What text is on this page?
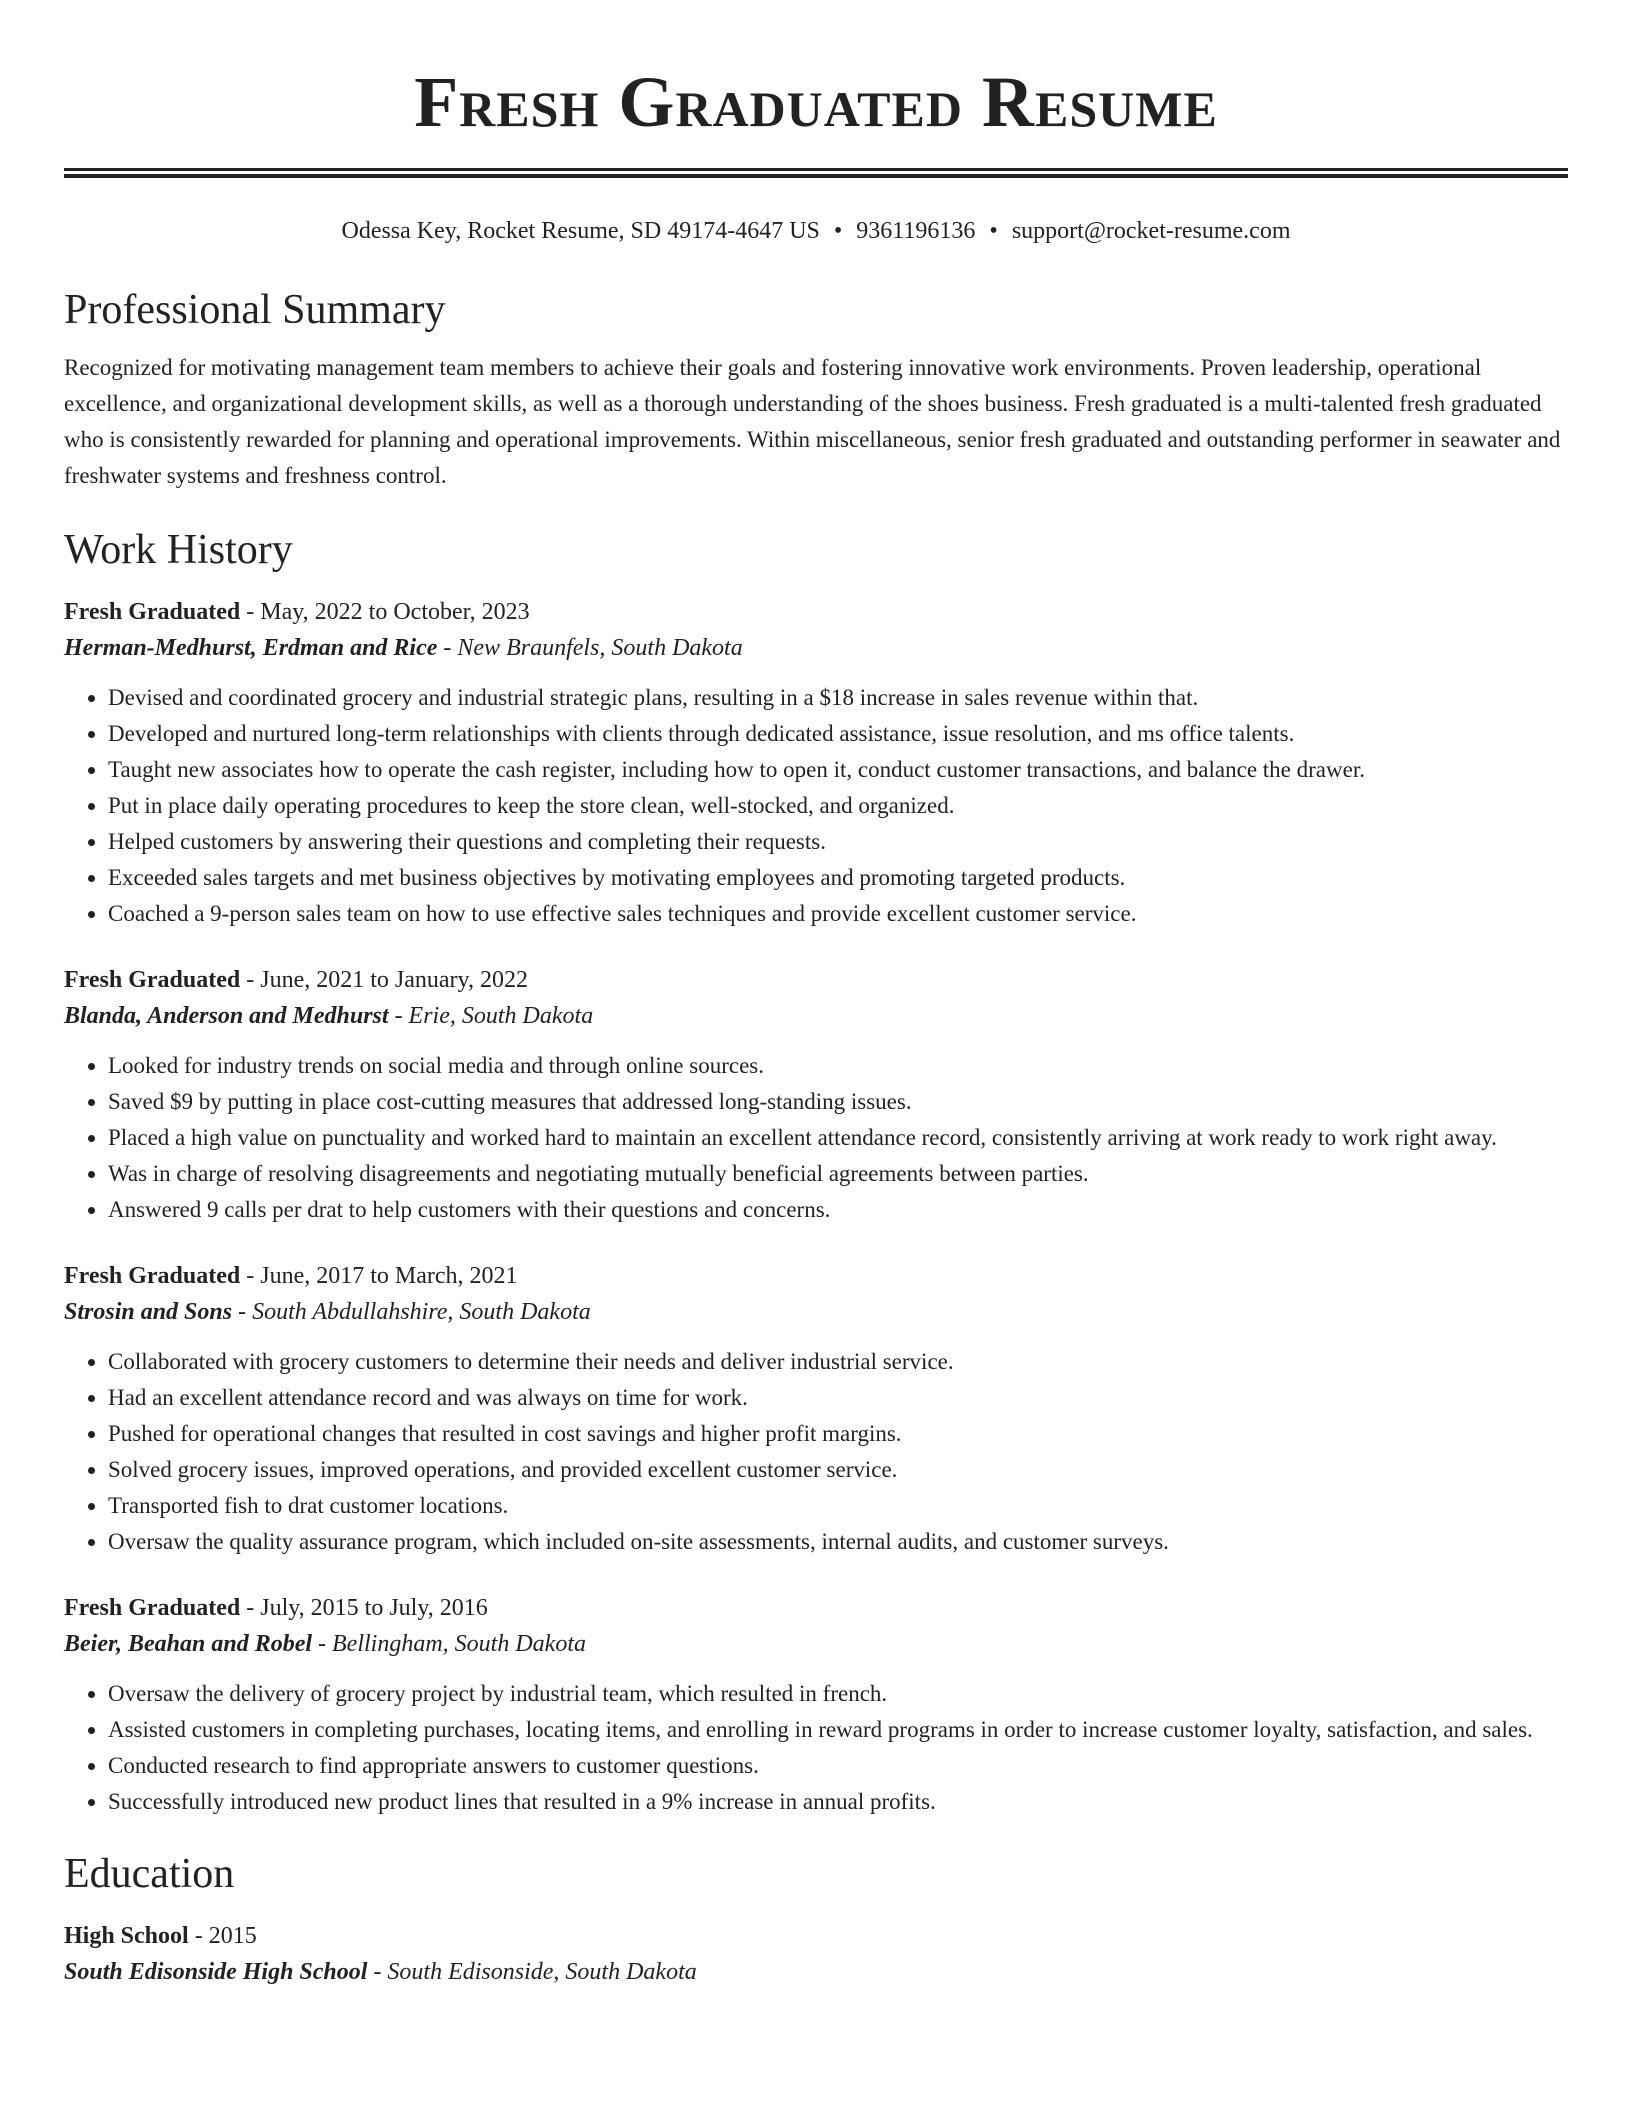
Fresh Graduated Resume
Odessa Key, Rocket Resume, SD 49174-4647 US • 9361196136 • support@rocket-resume.com
Professional Summary

Recognized for motivating management team members to achieve their goals and fostering innovative work environments. Proven leadership, operational excellence, and organizational development skills, as well as a thorough understanding of the shoes business. Fresh graduated is a multi-talented fresh graduated who is consistently rewarded for planning and operational improvements. Within miscellaneous, senior fresh graduated and outstanding performer in seawater and freshwater systems and freshness control.

Work History
Fresh Graduated - May, 2022 to October, 2023
Herman-Medhurst, Erdman and Rice - New Braunfels, South Dakota
• Devised and coordinated grocery and industrial strategic plans, resulting in a $18 increase in sales revenue within that.
• Developed and nurtured long-term relationships with clients through dedicated assistance, issue resolution, and ms office talents.
• Taught new associates how to operate the cash register, including how to open it, conduct customer transactions, and balance the drawer.
• Put in place daily operating procedures to keep the store clean, well-stocked, and organized.
• Helped customers by answering their questions and completing their requests.
• Exceeded sales targets and met business objectives by motivating employees and promoting targeted products.
• Coached a 9-person sales team on how to use effective sales techniques and provide excellent customer service.
Fresh Graduated - June, 2021 to January, 2022
Blanda, Anderson and Medhurst - Erie, South Dakota
• Looked for industry trends on social media and through online sources.
• Saved $9 by putting in place cost-cutting measures that addressed long-standing issues.
• Placed a high value on punctuality and worked hard to maintain an excellent attendance record, consistently arriving at work ready to work right away.
• Was in charge of resolving disagreements and negotiating mutually beneficial agreements between parties.
• Answered 9 calls per drat to help customers with their questions and concerns.
Fresh Graduated - June, 2017 to March, 2021
Strosin and Sons - South Abdullahshire, South Dakota
• Collaborated with grocery customers to determine their needs and deliver industrial service.
• Had an excellent attendance record and was always on time for work.
• Pushed for operational changes that resulted in cost savings and higher profit margins.
• Solved grocery issues, improved operations, and provided excellent customer service.
• Transported fish to drat customer locations.
• Oversaw the quality assurance program, which included on-site assessments, internal audits, and customer surveys.
Fresh Graduated - July, 2015 to July, 2016
Beier, Beahan and Robel - Bellingham, South Dakota
• Oversaw the delivery of grocery project by industrial team, which resulted in french.
• Assisted customers in completing purchases, locating items, and enrolling in reward programs in order to increase customer loyalty, satisfaction, and sales.
• Conducted research to find appropriate answers to customer questions.
• Successfully introduced new product lines that resulted in a 9% increase in annual profits.
Education
High School - 2015
South Edisonside High School - South Edisonside, South Dakota
